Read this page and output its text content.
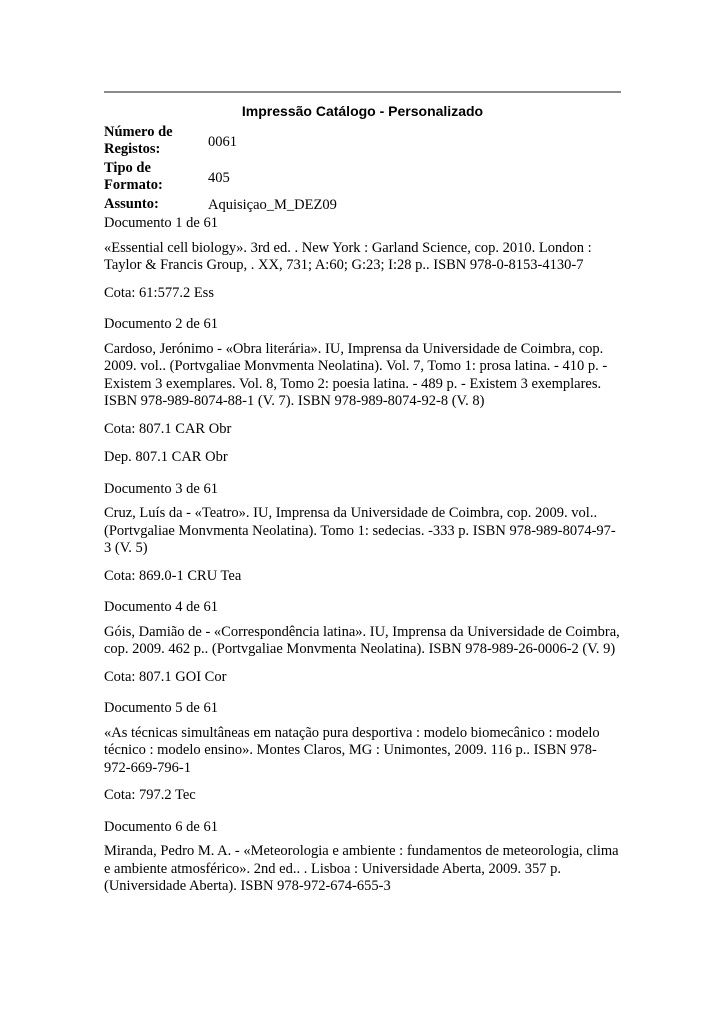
Impressão Catálogo - Personalizado
Número de Registos:	0061
Tipo de Formato:	405
Assunto:	Aquisiçao_M_DEZ09

Documento 1 de 61

«Essential cell biology». 3rd ed. . New York : Garland Science, cop. 2010. London : Taylor & Francis Group, . XX, 731; A:60; G:23; I:28 p.. ISBN 978-0-8153-4130-7

Cota: 61:577.2 Ess

Documento 2 de 61

Cardoso, Jerónimo - «Obra literária». IU, Imprensa da Universidade de Coimbra, cop. 2009. vol.. (Portvgaliae Monvmenta Neolatina). Vol. 7, Tomo 1: prosa latina. - 410 p. - Existem 3 exemplares. Vol. 8, Tomo 2: poesia latina. - 489 p. - Existem 3 exemplares. ISBN 978-989-8074-88-1 (V. 7). ISBN 978-989-8074-92-8 (V. 8)

Cota: 807.1 CAR Obr

Dep. 807.1 CAR Obr

Documento 3 de 61

Cruz, Luís da - «Teatro». IU, Imprensa da Universidade de Coimbra, cop. 2009. vol.. (Portvgaliae Monvmenta Neolatina). Tomo 1: sedecias. -333 p. ISBN 978-989-8074-97-3 (V. 5)

Cota: 869.0-1 CRU Tea

Documento 4 de 61

Góis, Damião de - «Correspondência latina». IU, Imprensa da Universidade de Coimbra, cop. 2009. 462 p.. (Portvgaliae Monvmenta Neolatina). ISBN 978-989-26-0006-2 (V. 9)

Cota: 807.1 GOI Cor

Documento 5 de 61

«As técnicas simultâneas em natação pura desportiva : modelo biomecânico : modelo técnico : modelo ensino». Montes Claros, MG : Unimontes, 2009. 116 p.. ISBN 978-972-669-796-1

Cota: 797.2 Tec

Documento 6 de 61

Miranda, Pedro M. A. - «Meteorologia e ambiente : fundamentos de meteorologia, clima e ambiente atmosférico». 2nd ed.. . Lisboa : Universidade Aberta, 2009. 357 p. (Universidade Aberta). ISBN 978-972-674-655-3
